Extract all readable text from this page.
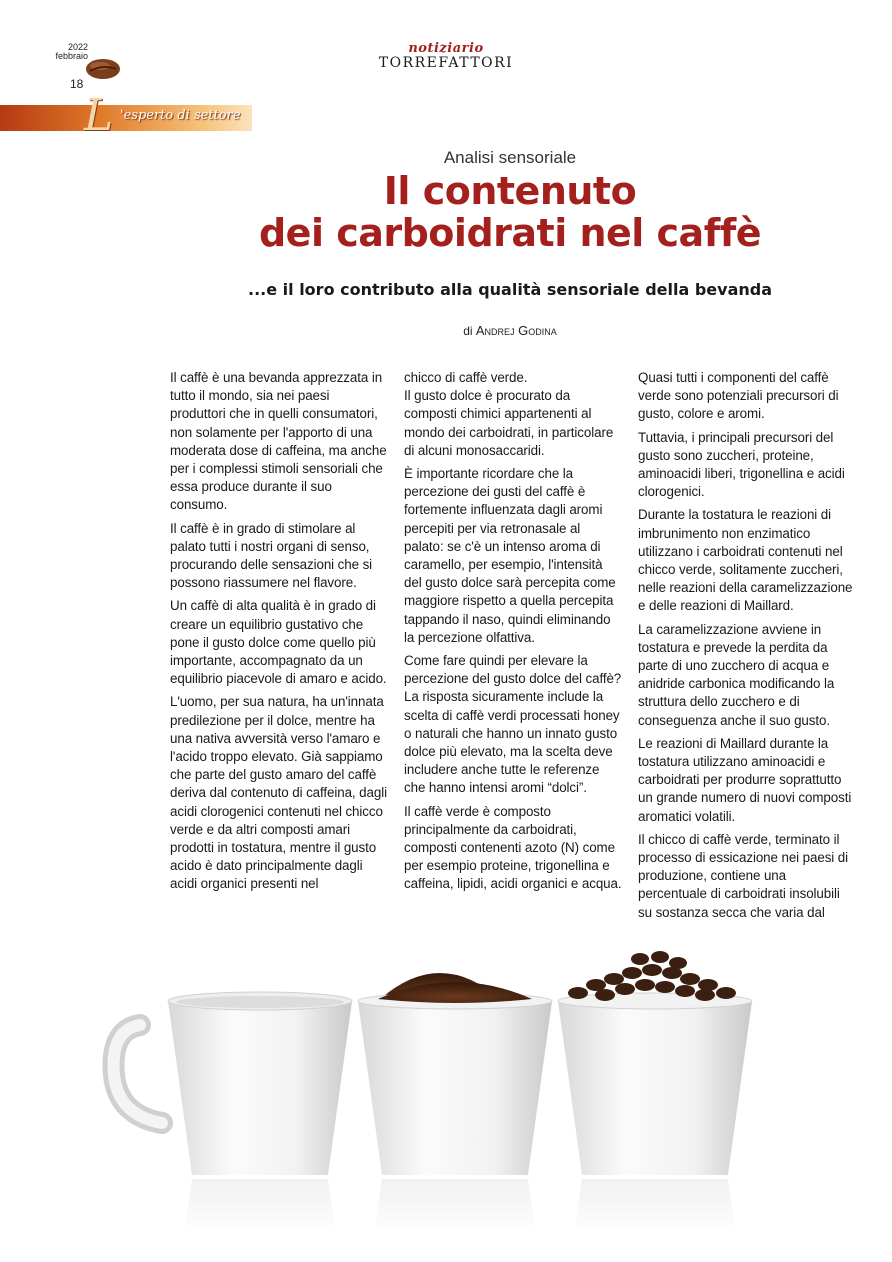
2022
febbraio
18
notiziario
TORREFATTORI
L 'esperto di settore
Analisi sensoriale
Il contenuto
dei carboidrati nel caffè
...e il loro contributo alla qualità sensoriale della bevanda
di Andrej Godina

Il caffè è una bevanda apprezzata in tutto il mondo, sia nei paesi produttori che in quelli consumatori, non solamente per l'apporto di una moderata dose di caffeina, ma anche per i complessi stimoli sensoriali che essa produce durante il suo consumo.

Il caffè è in grado di stimolare al palato tutti i nostri organi di senso, procurando delle sensazioni che si possono riassumere nel flavore.

Un caffè di alta qualità è in grado di creare un equilibrio gustativo che pone il gusto dolce come quello più importante, accompagnato da un equilibrio piacevole di amaro e acido.

L'uomo, per sua natura, ha un'innata predilezione per il dolce, mentre ha una nativa avversità verso l'amaro e l'acido troppo elevato. Già sappiamo che parte del gusto amaro del caffè deriva dal contenuto di caffeina, dagli acidi clorogenici contenuti nel chicco verde e da altri composti amari prodotti in tostatura, mentre il gusto acido è dato principalmente dagli acidi organici presenti nel

chicco di caffè verde.
Il gusto dolce è procurato da composti chimici appartenenti al mondo dei carboidrati, in particolare di alcuni monosaccaridi.

È importante ricordare che la percezione dei gusti del caffè è fortemente influenzata dagli aromi percepiti per via retronasale al palato: se c'è un intenso aroma di caramello, per esempio, l'intensità del gusto dolce sarà percepita come maggiore rispetto a quella percepita tappando il naso, quindi eliminando la percezione olfattiva.

Come fare quindi per elevare la percezione del gusto dolce del caffè? La risposta sicuramente include la scelta di caffè verdi processati honey o naturali che hanno un innato gusto dolce più elevato, ma la scelta deve includere anche tutte le referenze che hanno intensi aromi “dolci”.

Il caffè verde è composto principalmente da carboidrati, composti contenenti azoto (N) come per esempio proteine, trigonellina e caffeina, lipidi, acidi organici e acqua.

Quasi tutti i componenti del caffè verde sono potenziali precursori di gusto, colore e aromi.

Tuttavia, i principali precursori del gusto sono zuccheri, proteine, aminoacidi liberi, trigonellina e acidi clorogenici.

Durante la tostatura le reazioni di imbrunimento non enzimatico utilizzano i carboidrati contenuti nel chicco verde, solitamente zuccheri, nelle reazioni della caramelizzazione e delle reazioni di Maillard.

La caramelizzazione avviene in tostatura e prevede la perdita da parte di uno zucchero di acqua e anidride carbonica modificando la struttura dello zucchero e di conseguenza anche il suo gusto.

Le reazioni di Maillard durante la tostatura utilizzano aminoacidi e carboidrati per produrre soprattutto un grande numero di nuovi composti aromatici volatili.

Il chicco di caffè verde, terminato il processo di essicazione nei paesi di produzione, contiene una percentuale di carboidrati insolubili su sostanza secca che varia dal
